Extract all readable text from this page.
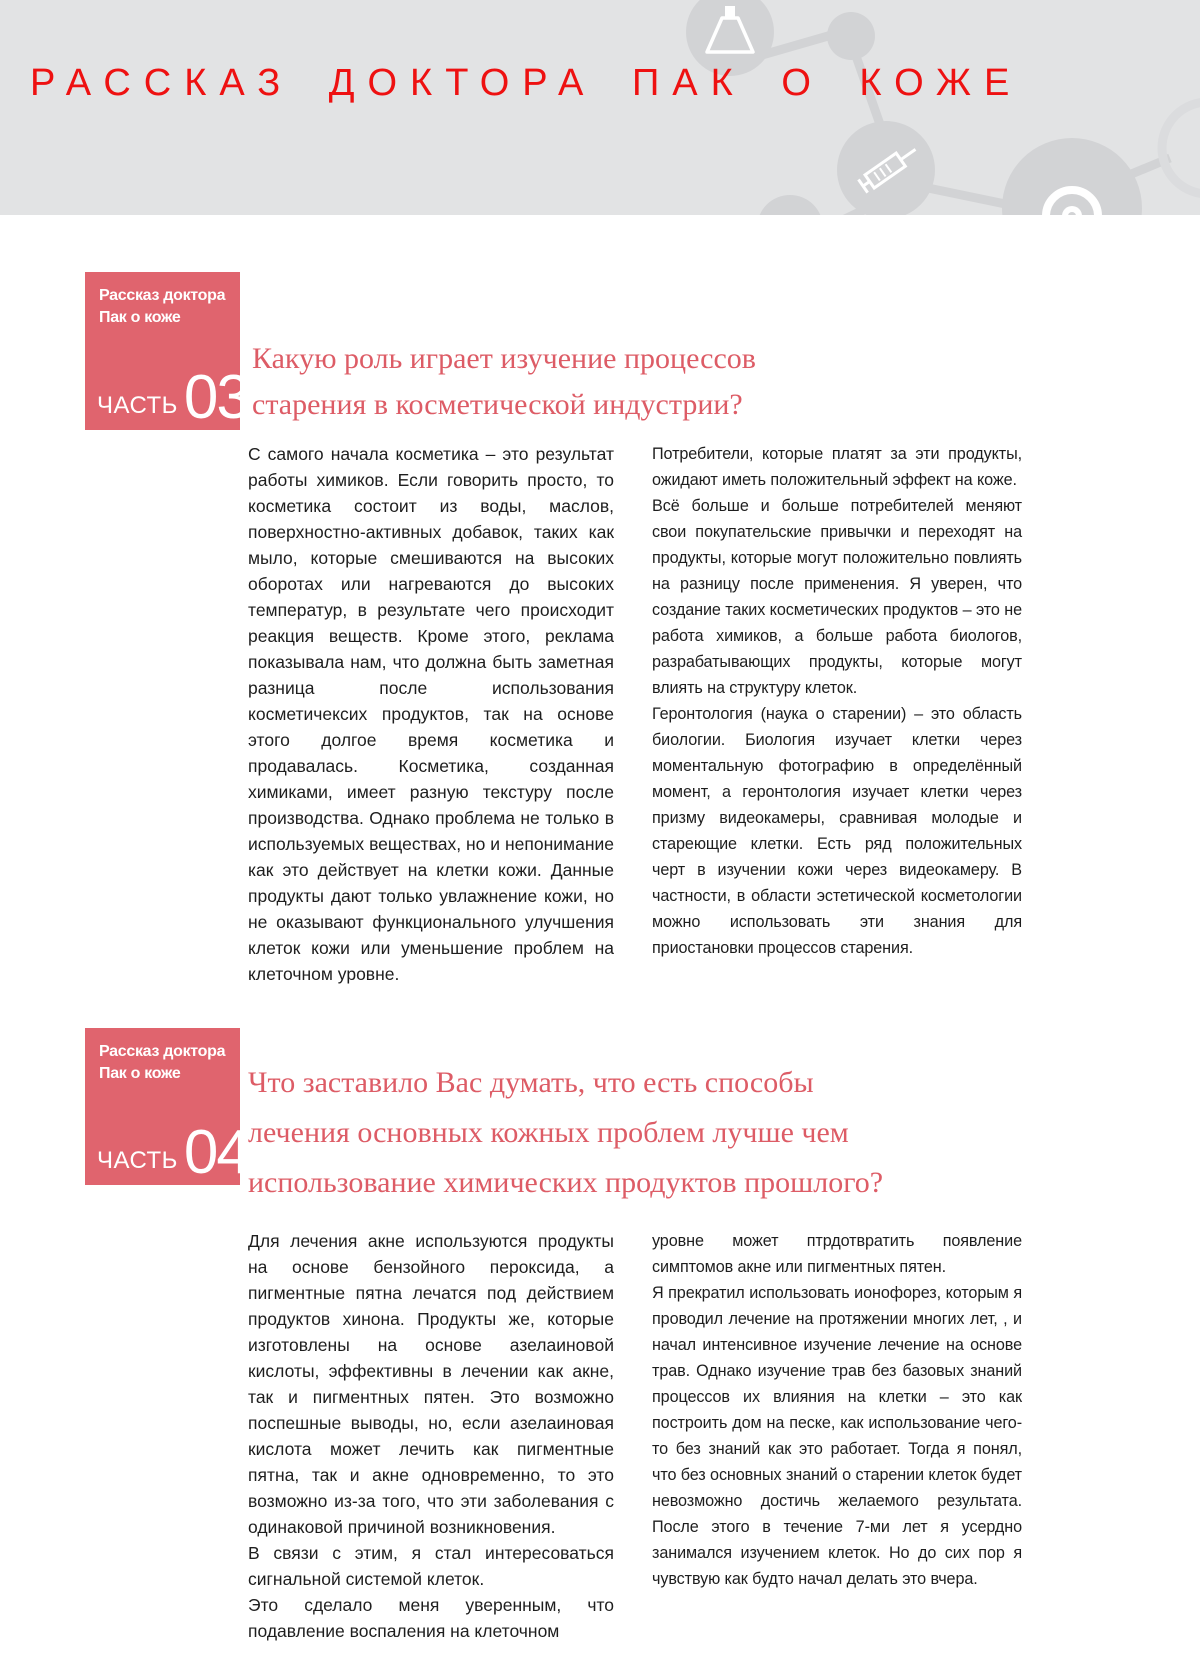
РАССКАЗ ДОКТОРА ПАК О КОЖЕ
Рассказ доктора
Пак о коже
ЧАСТЬ 03
Какую роль играет изучение процессов
старения в косметической индустрии?

С самого начала косметика – это результат работы химиков. Если говорить просто, то косметика состоит из воды, маслов, поверхностно-активных добавок, таких как мыло, которые смешиваются на высоких оборотах или нагреваются до высоких температур, в результате чего происходит реакция веществ. Кроме этого, реклама показывала нам, что должна быть заметная разница после использования косметичексих продуктов, так на основе этого долгое время косметика и продавалась. Косметика, созданная химиками, имеет разную текстуру после производства. Однако проблема не только в используемых веществах, но и непонимание как это действует на клетки кожи. Данные продукты дают только увлажнение кожи, но не оказывают функционального улучшения клеток кожи или уменьшение проблем на клеточном уровне.

Потребители, которые платят за эти продукты, ожидают иметь положительный эффект на коже.

Всё больше и больше потребителей меняют свои покупательские привычки и переходят на продукты, которые могут положительно повлиять на разницу после применения. Я уверен, что создание таких косметических продуктов – это не работа химиков, а больше работа биологов, разрабатывающих продукты, которые могут влиять на структуру клеток.

Геронтология (наука о старении) – это область биологии. Биология изучает клетки через моментальную фотографию в определённый момент, а геронтология изучает клетки через призму видеокамеры, сравнивая молодые и стареющие клетки. Есть ряд положительных черт в изучении кожи через видеокамеру. В частности, в области эстетической косметологии можно использовать эти знания для приостановки процессов старения.

Рассказ доктора
Пак о коже
ЧАСТЬ 04
Что заставило Вас думать, что есть способы
лечения основных кожных проблем лучше чем
использование химических продуктов прошлого?

Для лечения акне используются продукты на основе бензойного пероксида, а пигментные пятна лечатся под действием продуктов хинона. Продукты же, которые изготовлены на основе азелаиновой кислоты, эффективны в лечении как акне, так и пигментных пятен. Это возможно поспешные выводы, но, если азелаиновая кислота может лечить как пигментные пятна, так и акне одновременно, то это возможно из-за того, что эти заболевания с одинаковой причиной возникновения.

В связи с этим, я стал интересоваться сигнальной системой клеток.

Это сделало меня уверенным, что подавление воспаления на клеточном

уровне может птрдотвратить появление симптомов акне или пигментных пятен.

Я прекратил использовать ионофорез, которым я проводил лечение на протяжении многих лет, , и начал интенсивное изучение лечение на основе трав. Однако изучение трав без базовых знаний процессов их влияния на клетки – это как построить дом на песке, как использование чего-то без знаний как это работает. Тогда я понял, что без основных знаний о старении клеток будет невозможно достичь желаемого результата. После этого в течение 7-ми лет я усердно занимался изучением клеток. Но до сих пор я чувствую как будто начал делать это вчера.
